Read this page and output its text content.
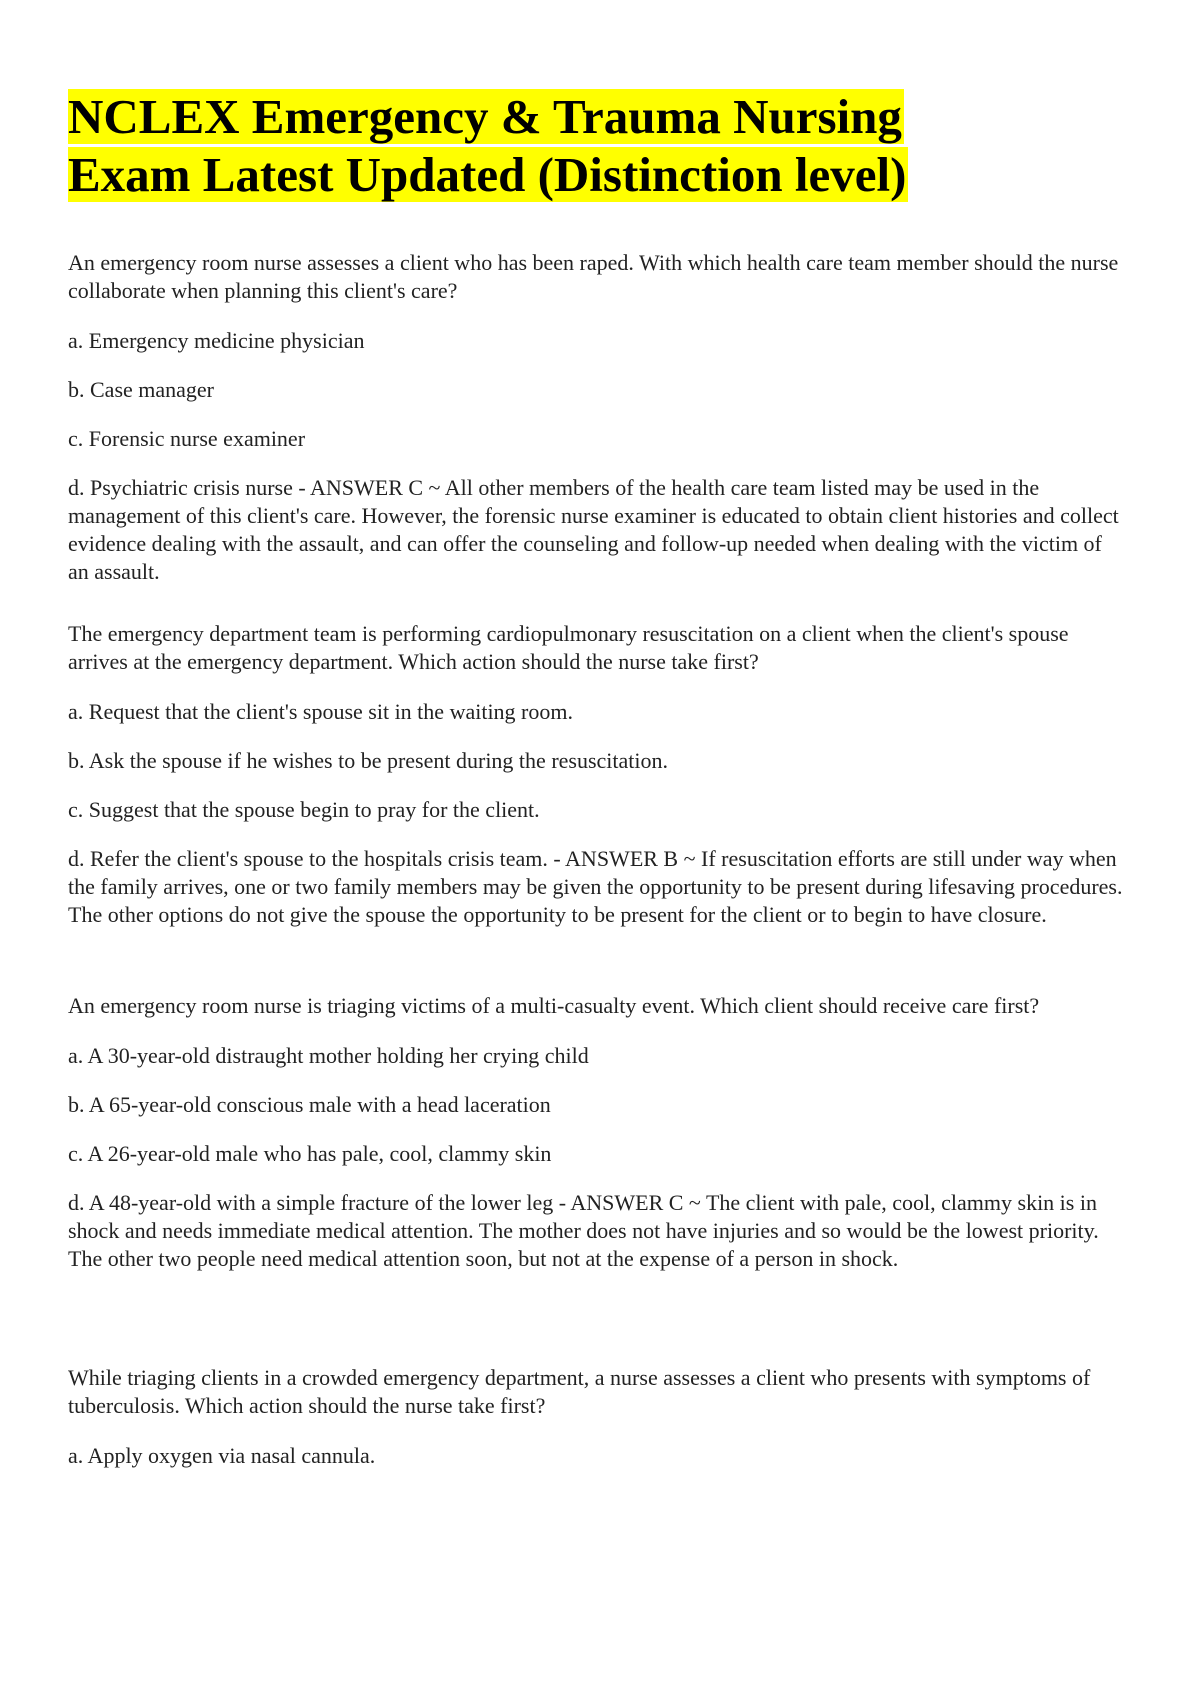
NCLEX Emergency & Trauma Nursing
Exam Latest Updated (Distinction level)

An emergency room nurse assesses a client who has been raped. With which health care team member should the nurse collaborate when planning this client's care?

a. Emergency medicine physician

b. Case manager

c. Forensic nurse examiner

d. Psychiatric crisis nurse - ANSWER C ~ All other members of the health care team listed may be used in the management of this client's care. However, the forensic nurse examiner is educated to obtain client histories and collect evidence dealing with the assault, and can offer the counseling and follow-up needed when dealing with the victim of an assault.

The emergency department team is performing cardiopulmonary resuscitation on a client when the client's spouse arrives at the emergency department. Which action should the nurse take first?

a. Request that the client's spouse sit in the waiting room.

b. Ask the spouse if he wishes to be present during the resuscitation.

c. Suggest that the spouse begin to pray for the client.

d. Refer the client's spouse to the hospitals crisis team. - ANSWER B ~ If resuscitation efforts are still under way when the family arrives, one or two family members may be given the opportunity to be present during lifesaving procedures. The other options do not give the spouse the opportunity to be present for the client or to begin to have closure.

An emergency room nurse is triaging victims of a multi-casualty event. Which client should receive care first?

a. A 30-year-old distraught mother holding her crying child

b. A 65-year-old conscious male with a head laceration

c. A 26-year-old male who has pale, cool, clammy skin

d. A 48-year-old with a simple fracture of the lower leg - ANSWER C ~ The client with pale, cool, clammy skin is in shock and needs immediate medical attention. The mother does not have injuries and so would be the lowest priority. The other two people need medical attention soon, but not at the expense of a person in shock.

While triaging clients in a crowded emergency department, a nurse assesses a client who presents with symptoms of tuberculosis. Which action should the nurse take first?

a. Apply oxygen via nasal cannula.
